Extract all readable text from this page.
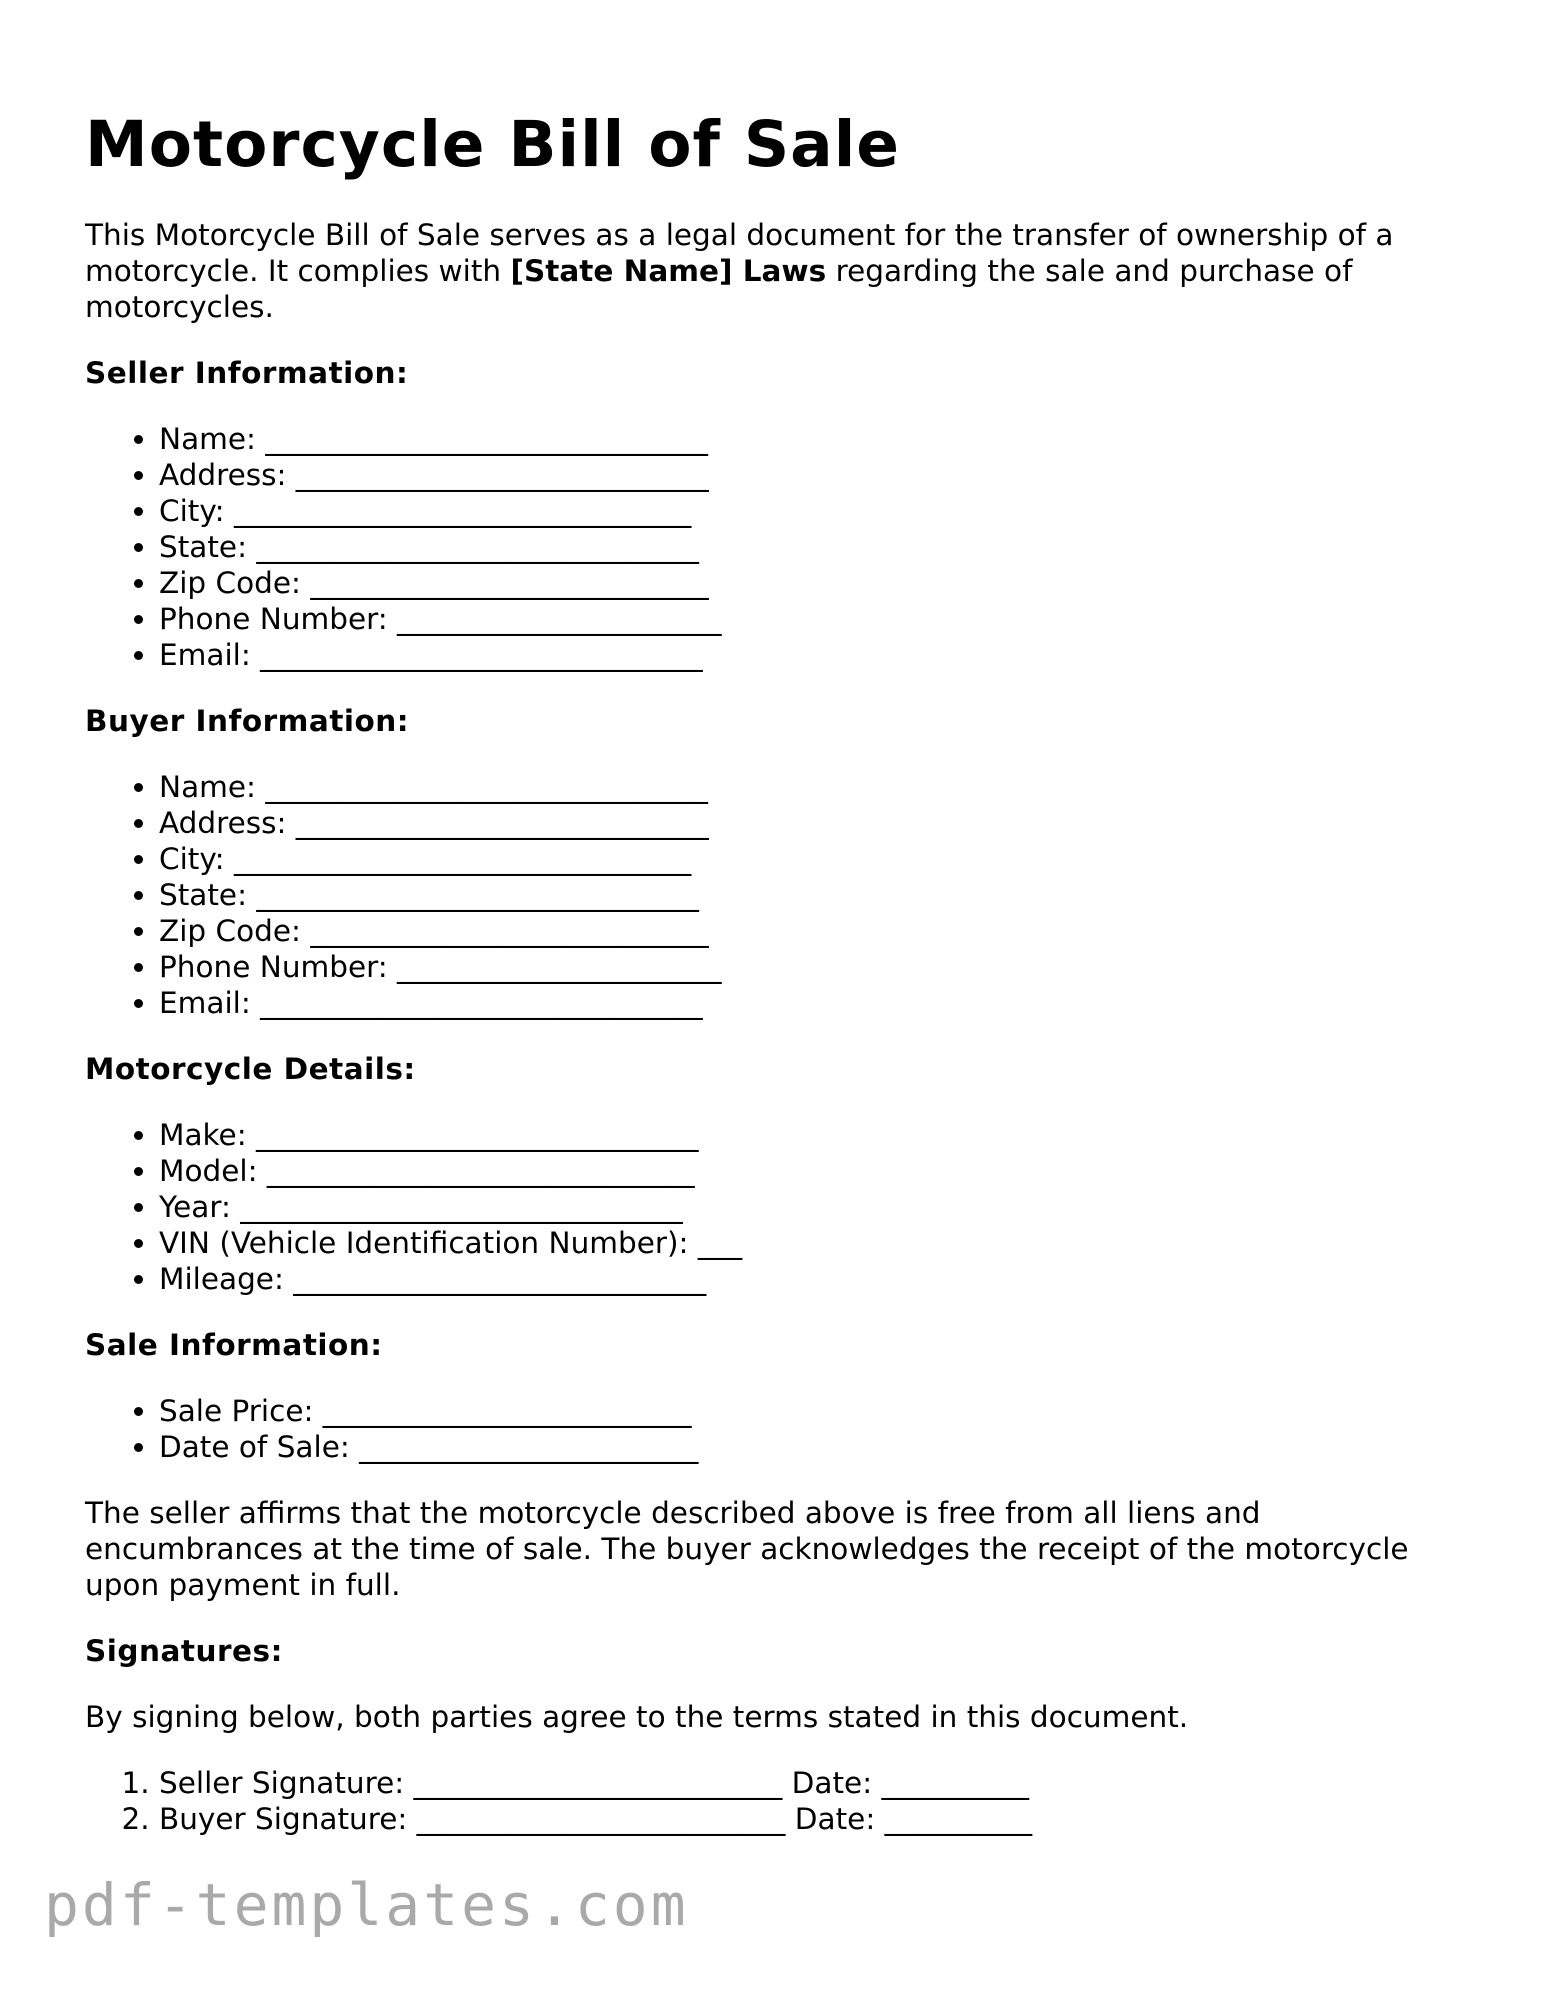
Motorcycle Bill of Sale

This Motorcycle Bill of Sale serves as a legal document for the transfer of ownership of a motorcycle. It complies with [State Name] Laws regarding the sale and purchase of motorcycles.

Seller Information:
• Name: ______________________________
• Address: ____________________________
• City: _______________________________
• State: ______________________________
• Zip Code: ___________________________
• Phone Number: ______________________
• Email: ______________________________
Buyer Information:
• Name: ______________________________
• Address: ____________________________
• City: _______________________________
• State: ______________________________
• Zip Code: ___________________________
• Phone Number: ______________________
• Email: ______________________________
Motorcycle Details:
• Make: ______________________________
• Model: _____________________________
• Year: ______________________________
• VIN (Vehicle Identification Number): ___
• Mileage: ____________________________
Sale Information:
• Sale Price: _________________________
• Date of Sale: _______________________

The seller affirms that the motorcycle described above is free from all liens and encumbrances at the time of sale. The buyer acknowledges the receipt of the motorcycle upon payment in full.

Signatures:

By signing below, both parties agree to the terms stated in this document.

1. Seller Signature: _________________________ Date: __________
2. Buyer Signature: _________________________ Date: __________
pdf-templates.com
